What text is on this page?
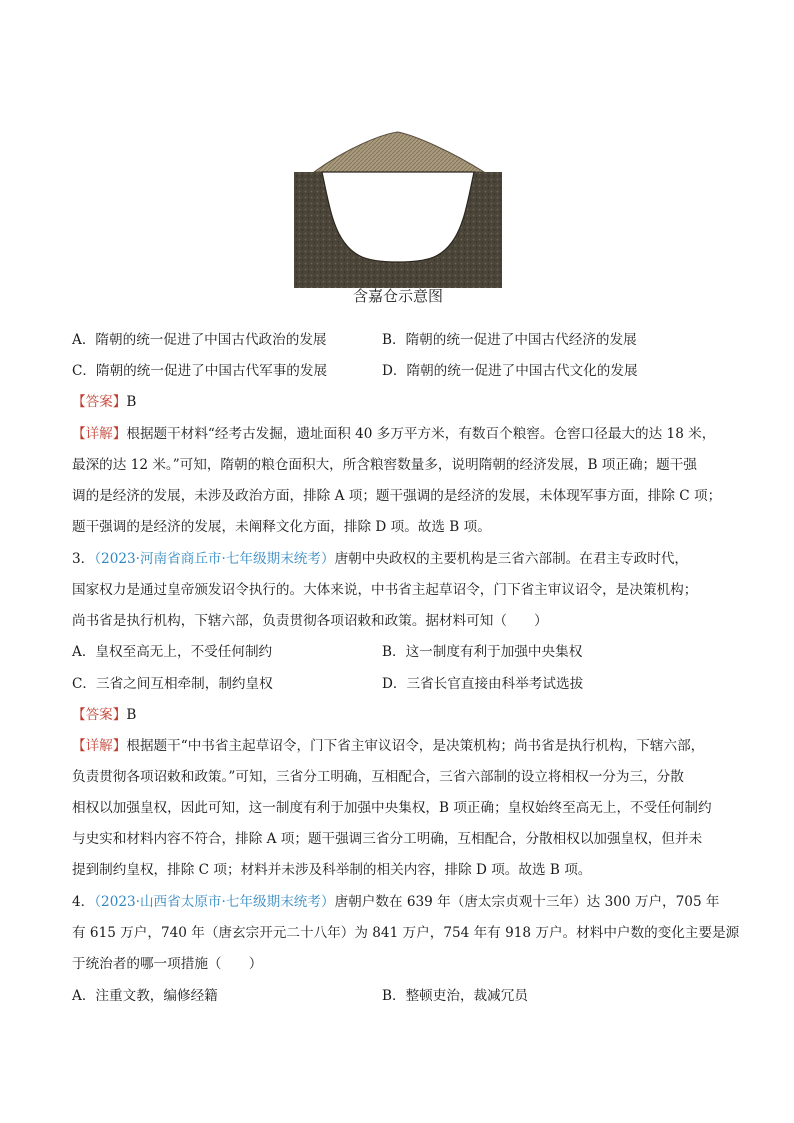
含嘉仓示意图
A．隋朝的统一促进了中国古代政治的发展	B．隋朝的统一促进了中国古代经济的发展
C．隋朝的统一促进了中国古代军事的发展	D．隋朝的统一促进了中国古代文化的发展
【答案】B
【详解】根据题干材料“经考古发掘，遗址面积 40 多万平方米，有数百个粮窖。仓窖口径最大的达 18 米，
最深的达 12 米。”可知，隋朝的粮仓面积大，所含粮窖数量多，说明隋朝的经济发展，B 项正确；题干强
调的是经济的发展，未涉及政治方面，排除 A 项；题干强调的是经济的发展，未体现军事方面，排除 C 项；
题干强调的是经济的发展，未阐释文化方面，排除 D 项。故选 B 项。
3．（2023·河南省商丘市·七年级期末统考）唐朝中央政权的主要机构是三省六部制。在君主专政时代，
国家权力是通过皇帝颁发诏令执行的。大体来说，中书省主起草诏令，门下省主审议诏令，是决策机构；
尚书省是执行机构，下辖六部，负责贯彻各项诏敕和政策。据材料可知（　　）
A．皇权至高无上，不受任何制约	B．这一制度有利于加强中央集权
C．三省之间互相牵制，制约皇权	D．三省长官直接由科举考试选拔
【答案】B
【详解】根据题干“中书省主起草诏令，门下省主审议诏令，是决策机构；尚书省是执行机构，下辖六部，
负责贯彻各项诏敕和政策。”可知，三省分工明确，互相配合，三省六部制的设立将相权一分为三，分散
相权以加强皇权，因此可知，这一制度有利于加强中央集权，B 项正确；皇权始终至高无上，不受任何制约
与史实和材料内容不符合，排除 A 项；题干强调三省分工明确，互相配合，分散相权以加强皇权，但并未
提到制约皇权，排除 C 项；材料并未涉及科举制的相关内容，排除 D 项。故选 B 项。
4．（2023·山西省太原市·七年级期末统考）唐朝户数在 639 年（唐太宗贞观十三年）达 300 万户，705 年
有 615 万户，740 年（唐玄宗开元二十八年）为 841 万户，754 年有 918 万户。材料中户数的变化主要是源
于统治者的哪一项措施（　　）
A．注重文教，编修经籍	B．整顿吏治，裁减冗员
